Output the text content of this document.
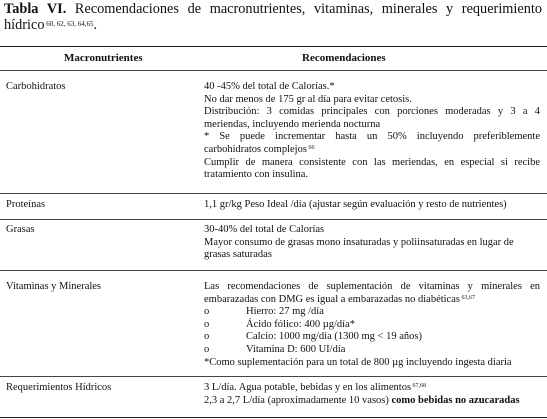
Tabla VI. Recomendaciones de macronutrientes, vitaminas, minerales y requerimiento hídrico $^{60, 62, 63, 64,65}$.
Macronutrientes	Recomendaciones
Carbohidratos	40 -45% del total de Calorías.*
No dar menos de 175 gr al día para evitar cetosis.
Distribución: 3 comidas principales con porciones moderadas y 3 a 4 meriendas, incluyendo merienda nocturna
* Se puede incrementar hasta un 50% incluyendo preferiblemente carbohidratos complejos $^{66}$
Cumplir de manera consistente con las meriendas, en especial si recibe tratamiento con insulina.
Proteínas	1,1 gr/kg Peso Ideal /día (ajustar según evaluación y resto de nutrientes)
Grasas	30-40% del total de Calorías
Mayor consumo de grasas mono insaturadas y poliinsaturadas en lugar de grasas saturadas
Vitaminas y Minerales	Las recomendaciones de suplementación de vitaminas y minerales en embarazadas con DMG es igual a embarazadas no diabéticas $^{63,67}$
o	Hierro: 27 mg /día
o	Ácido fólico: 400 µg/día*
o	Calcio: 1000 mg/día (1300 mg < 19 años)
o	Vitamina D: 600 UI/día
*Como suplementación para un total de 800 µg incluyendo ingesta diaria
Requerimientos Hídricos	3 L/día. Agua potable, bebidas y en los alimentos $^{67,68}$
2,3 a 2,7 L/día (aproximadamente 10 vasos) como bebidas no azucaradas
